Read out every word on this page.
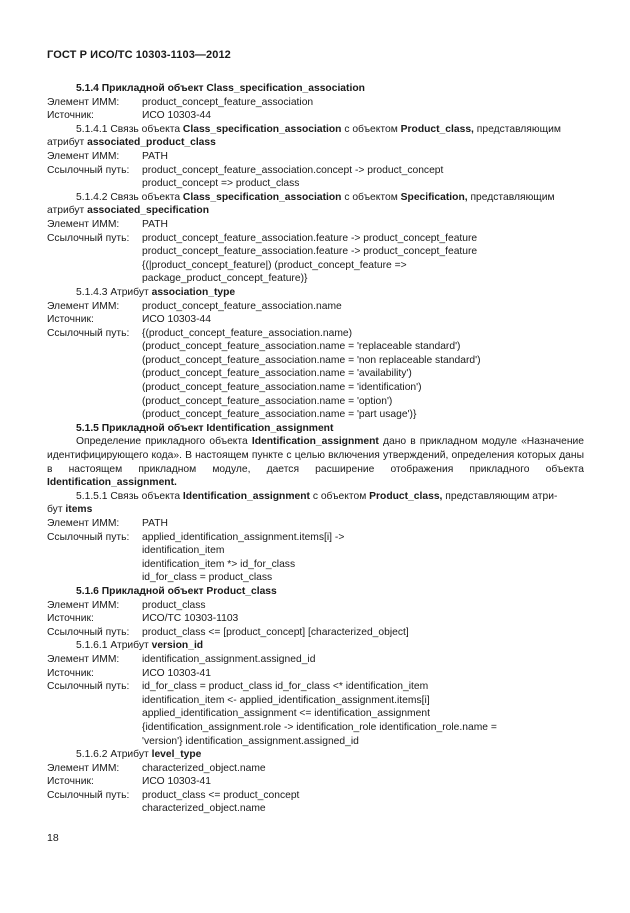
ГОСТ Р ИСО/ТС 10303-1103—2012
5.1.4 Прикладной объект Class_specification_association
Элемент ИММ:	product_concept_feature_association
Источник:	ИСО 10303-44
5.1.4.1 Связь объекта Class_specification_association с объектом Product_class, представляющим
атрибут associated_product_class
Элемент ИММ:	PATH
Ссылочный путь:	product_concept_feature_association.concept -> product_concept
product_concept => product_class
5.1.4.2 Связь объекта Class_specification_association с объектом Specification, представляющим
атрибут associated_specification
Элемент ИММ:	PATH
Ссылочный путь:	product_concept_feature_association.feature -> product_concept_feature
product_concept_feature_association.feature -> product_concept_feature
{(|product_concept_feature|) (product_concept_feature =>
package_product_concept_feature)}
5.1.4.3 Атрибут association_type
Элемент ИММ:	product_concept_feature_association.name
Источник:	ИСО 10303-44
Ссылочный путь:	{(product_concept_feature_association.name)
(product_concept_feature_association.name = 'replaceable standard')
(product_concept_feature_association.name = 'non replaceable standard')
(product_concept_feature_association.name = 'availability')
(product_concept_feature_association.name = 'identification')
(product_concept_feature_association.name = 'option')
(product_concept_feature_association.name = 'part usage')}
5.1.5 Прикладной объект Identification_assignment
Определение прикладного объекта Identification_assignment дано в прикладном модуле «Назначение идентифицирующего кода». В настоящем пункте с целью включения утверждений, определения которых даны в настоящем прикладном модуле, дается расширение отображения прикладного объекта Identification_assignment.
5.1.5.1 Связь объекта Identification_assignment с объектом Product_class, представляющим атри-
бут items
Элемент ИММ:	PATH
Ссылочный путь:	applied_identification_assignment.items[i] ->
identification_item
identification_item *> id_for_class
id_for_class = product_class
5.1.6 Прикладной объект Product_class
Элемент ИММ:	product_class
Источник:	ИСО/ТС 10303-1103
Ссылочный путь:	product_class <= [product_concept] [characterized_object]
5.1.6.1 Атрибут version_id
Элемент ИММ:	identification_assignment.assigned_id
Источник:	ИСО 10303-41
Ссылочный путь:	id_for_class = product_class id_for_class <* identification_item
identification_item <- applied_identification_assignment.items[i]
applied_identification_assignment <= identification_assignment
{identification_assignment.role -> identification_role identification_role.name =
'version'} identification_assignment.assigned_id
5.1.6.2 Атрибут level_type
Элемент ИММ:	characterized_object.name
Источник:	ИСО 10303-41
Ссылочный путь:	product_class <= product_concept
characterized_object.name
18
